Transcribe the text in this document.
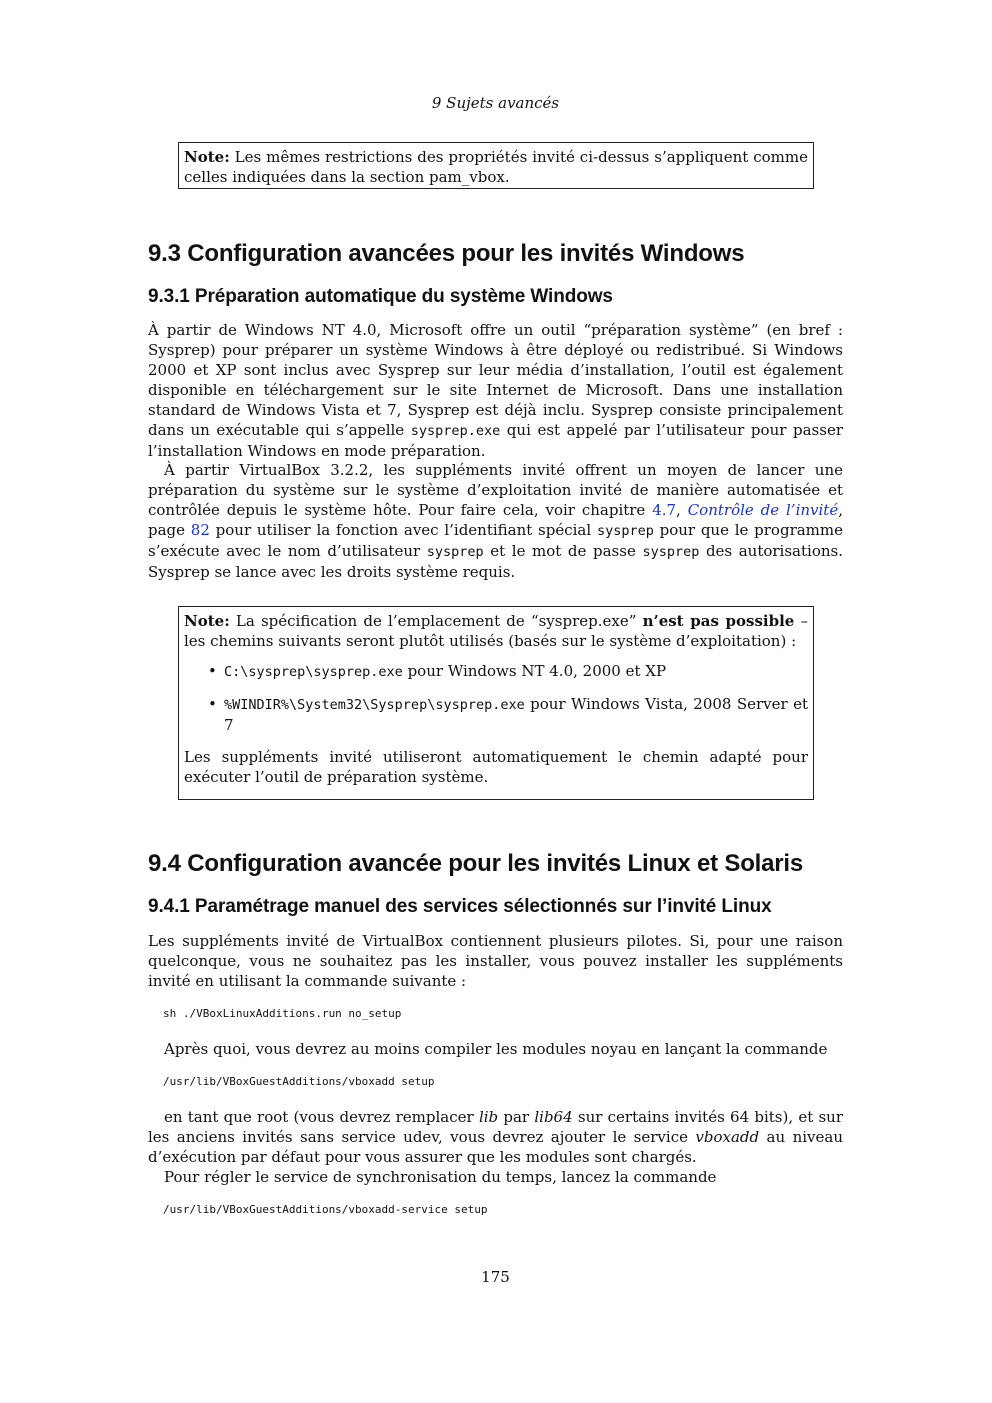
9 Sujets avancés
Note: Les mêmes restrictions des propriétés invité ci-dessus s’appliquent comme celles indiquées dans la section pam_vbox.
9.3 Configuration avancées pour les invités Windows
9.3.1 Préparation automatique du système Windows

À partir de Windows NT 4.0, Microsoft offre un outil “préparation système” (en bref : Sysprep) pour préparer un système Windows à être déployé ou redistribué. Si Windows 2000 et XP sont inclus avec Sysprep sur leur média d’installation, l’outil est également disponible en téléchargement sur le site Internet de Microsoft. Dans une installation standard de Windows Vista et 7, Sysprep est déjà inclu. Sysprep consiste principalement dans un exécutable qui s’appelle sysprep.exe qui est appelé par l’utilisateur pour passer l’installation Windows en mode préparation.

À partir VirtualBox 3.2.2, les suppléments invité offrent un moyen de lancer une préparation du système sur le système d’exploitation invité de manière automatisée et contrôlée depuis le système hôte. Pour faire cela, voir chapitre 4.7, Contrôle de l’invité, page 82 pour utiliser la fonction avec l’identifiant spécial sysprep pour que le programme s’exécute avec le nom d’utilisateur sysprep et le mot de passe sysprep des autorisations. Sysprep se lance avec les droits système requis.

Note: La spécification de l’emplacement de “sysprep.exe” n’est pas possible – les chemins suivants seront plutôt utilisés (basés sur le système d’exploitation) :
• C:\sysprep\sysprep.exe pour Windows NT 4.0, 2000 et XP
• %WINDIR%\System32\Sysprep\sysprep.exe pour Windows Vista, 2008 Server et 7
Les suppléments invité utiliseront automatiquement le chemin adapté pour exécuter l’outil de préparation système.
9.4 Configuration avancée pour les invités Linux et Solaris
9.4.1 Paramétrage manuel des services sélectionnés sur l’invité Linux

Les suppléments invité de VirtualBox contiennent plusieurs pilotes. Si, pour une raison quelconque, vous ne souhaitez pas les installer, vous pouvez installer les suppléments invité en utilisant la commande suivante :

sh ./VBoxLinuxAdditions.run no_setup

Après quoi, vous devrez au moins compiler les modules noyau en lançant la commande

/usr/lib/VBoxGuestAdditions/vboxadd setup

en tant que root (vous devrez remplacer lib par lib64 sur certains invités 64 bits), et sur les anciens invités sans service udev, vous devrez ajouter le service vboxadd au niveau d’exécution par défaut pour vous assurer que les modules sont chargés.

Pour régler le service de synchronisation du temps, lancez la commande

/usr/lib/VBoxGuestAdditions/vboxadd-service setup
175
